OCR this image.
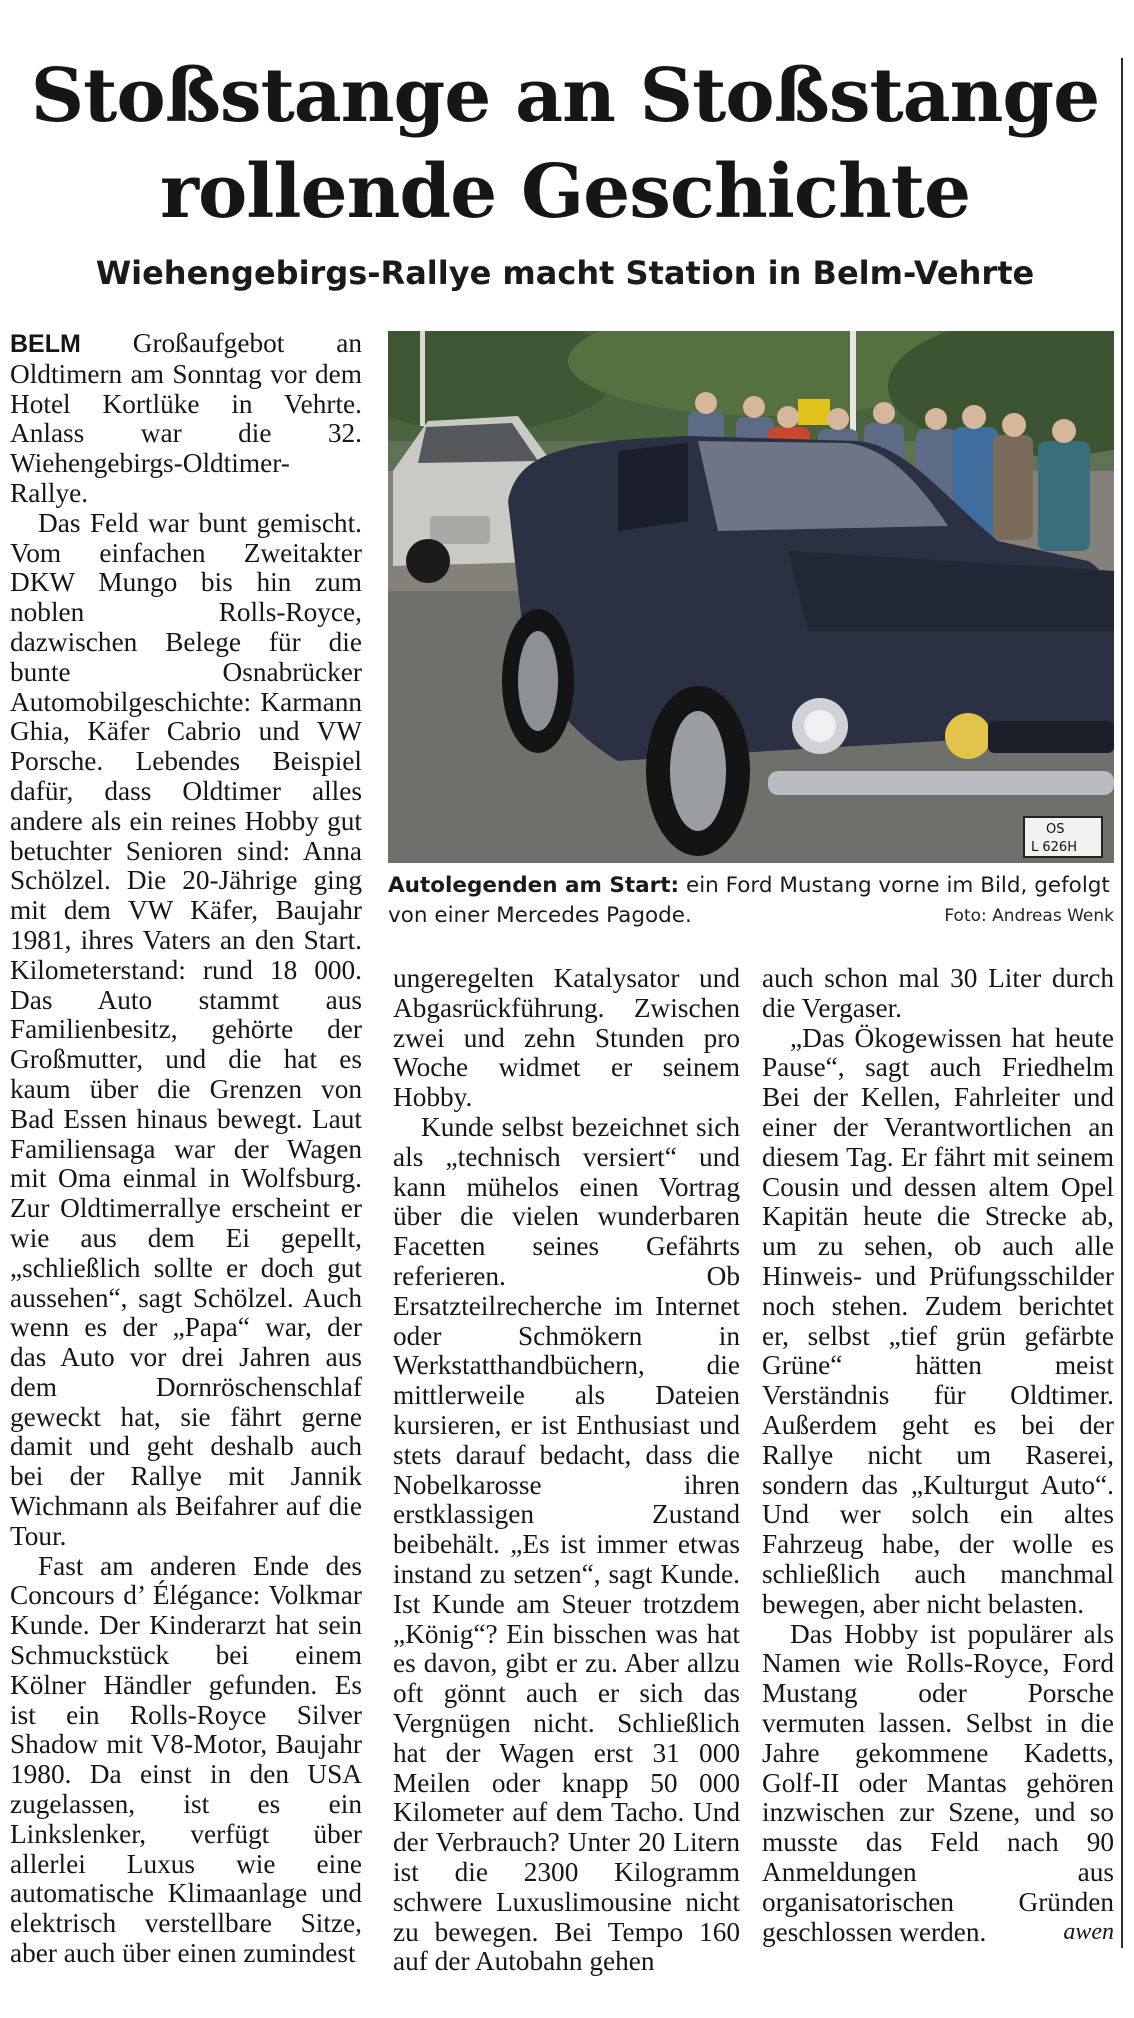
Stoßstange an Stoßstange
rollende Geschichte
Wiehengebirgs-Rallye macht Station in Belm-Vehrte

BELM Großaufgebot an Oldtimern am Sonntag vor dem Hotel Kortlüke in Vehrte. Anlass war die 32. Wiehengebirgs-Oldtimer-Rallye.

Das Feld war bunt gemischt. Vom einfachen Zweitakter DKW Mungo bis hin zum noblen Rolls-Royce, dazwischen Belege für die bunte Osnabrücker Automobilgeschichte: Karmann Ghia, Käfer Cabrio und VW Porsche. Lebendes Beispiel dafür, dass Oldtimer alles andere als ein reines Hobby gut betuchter Senioren sind: Anna Schölzel. Die 20-Jährige ging mit dem VW Käfer, Baujahr 1981, ihres Vaters an den Start. Kilometerstand: rund 18 000. Das Auto stammt aus Familienbesitz, gehörte der Großmutter, und die hat es kaum über die Grenzen von Bad Essen hinaus bewegt. Laut Familiensaga war der Wagen mit Oma einmal in Wolfsburg. Zur Oldtimerrallye erscheint er wie aus dem Ei gepellt, „schließlich sollte er doch gut aussehen“, sagt Schölzel. Auch wenn es der „Papa“ war, der das Auto vor drei Jahren aus dem Dornröschenschlaf geweckt hat, sie fährt gerne damit und geht deshalb auch bei der Rallye mit Jannik Wichmann als Beifahrer auf die Tour.

Fast am anderen Ende des Concours d’ Élégance: Volkmar Kunde. Der Kinderarzt hat sein Schmuckstück bei einem Kölner Händler gefunden. Es ist ein Rolls-Royce Silver Shadow mit V8-Motor, Baujahr 1980. Da einst in den USA zugelassen, ist es ein Linkslenker, verfügt über allerlei Luxus wie eine automatische Klimaanlage und elektrisch verstellbare Sitze, aber auch über einen zumindest

OS
L 626H
Autolegenden am Start: ein Ford Mustang vorne im Bild, gefolgt von einer Mercedes Pagode.	Foto: Andreas Wenk

ungeregelten Katalysator und Abgasrückführung. Zwischen zwei und zehn Stunden pro Woche widmet er seinem Hobby.

Kunde selbst bezeichnet sich als „technisch versiert“ und kann mühelos einen Vortrag über die vielen wunderbaren Facetten seines Gefährts referieren. Ob Ersatzteilrecherche im Internet oder Schmökern in Werkstatthandbüchern, die mittlerweile als Dateien kursieren, er ist Enthusiast und stets darauf bedacht, dass die Nobelkarosse ihren erstklassigen Zustand beibehält. „Es ist immer etwas instand zu setzen“, sagt Kunde. Ist Kunde am Steuer trotzdem „König“? Ein bisschen was hat es davon, gibt er zu. Aber allzu oft gönnt auch er sich das Vergnügen nicht. Schließlich hat der Wagen erst 31 000 Meilen oder knapp 50 000 Kilometer auf dem Tacho. Und der Verbrauch? Unter 20 Litern ist die 2300 Kilogramm schwere Luxuslimousine nicht zu bewegen. Bei Tempo 160 auf der Autobahn gehen

auch schon mal 30 Liter durch die Vergaser.

„Das Ökogewissen hat heute Pause“, sagt auch Friedhelm Bei der Kellen, Fahrleiter und einer der Verantwortlichen an diesem Tag. Er fährt mit seinem Cousin und dessen altem Opel Kapitän heute die Strecke ab, um zu sehen, ob auch alle Hinweis- und Prüfungsschilder noch stehen. Zudem berichtet er, selbst „tief grün gefärbte Grüne“ hätten meist Verständnis für Oldtimer. Außerdem geht es bei der Rallye nicht um Raserei, sondern das „Kulturgut Auto“. Und wer solch ein altes Fahrzeug habe, der wolle es schließlich auch manchmal bewegen, aber nicht belasten.

Das Hobby ist populärer als Namen wie Rolls-Royce, Ford Mustang oder Porsche vermuten lassen. Selbst in die Jahre gekommene Kadetts, Golf-II oder Mantas gehören inzwischen zur Szene, und so musste das Feld nach 90 Anmeldungen aus organisatorischen Gründen geschlossen werden.	awen
